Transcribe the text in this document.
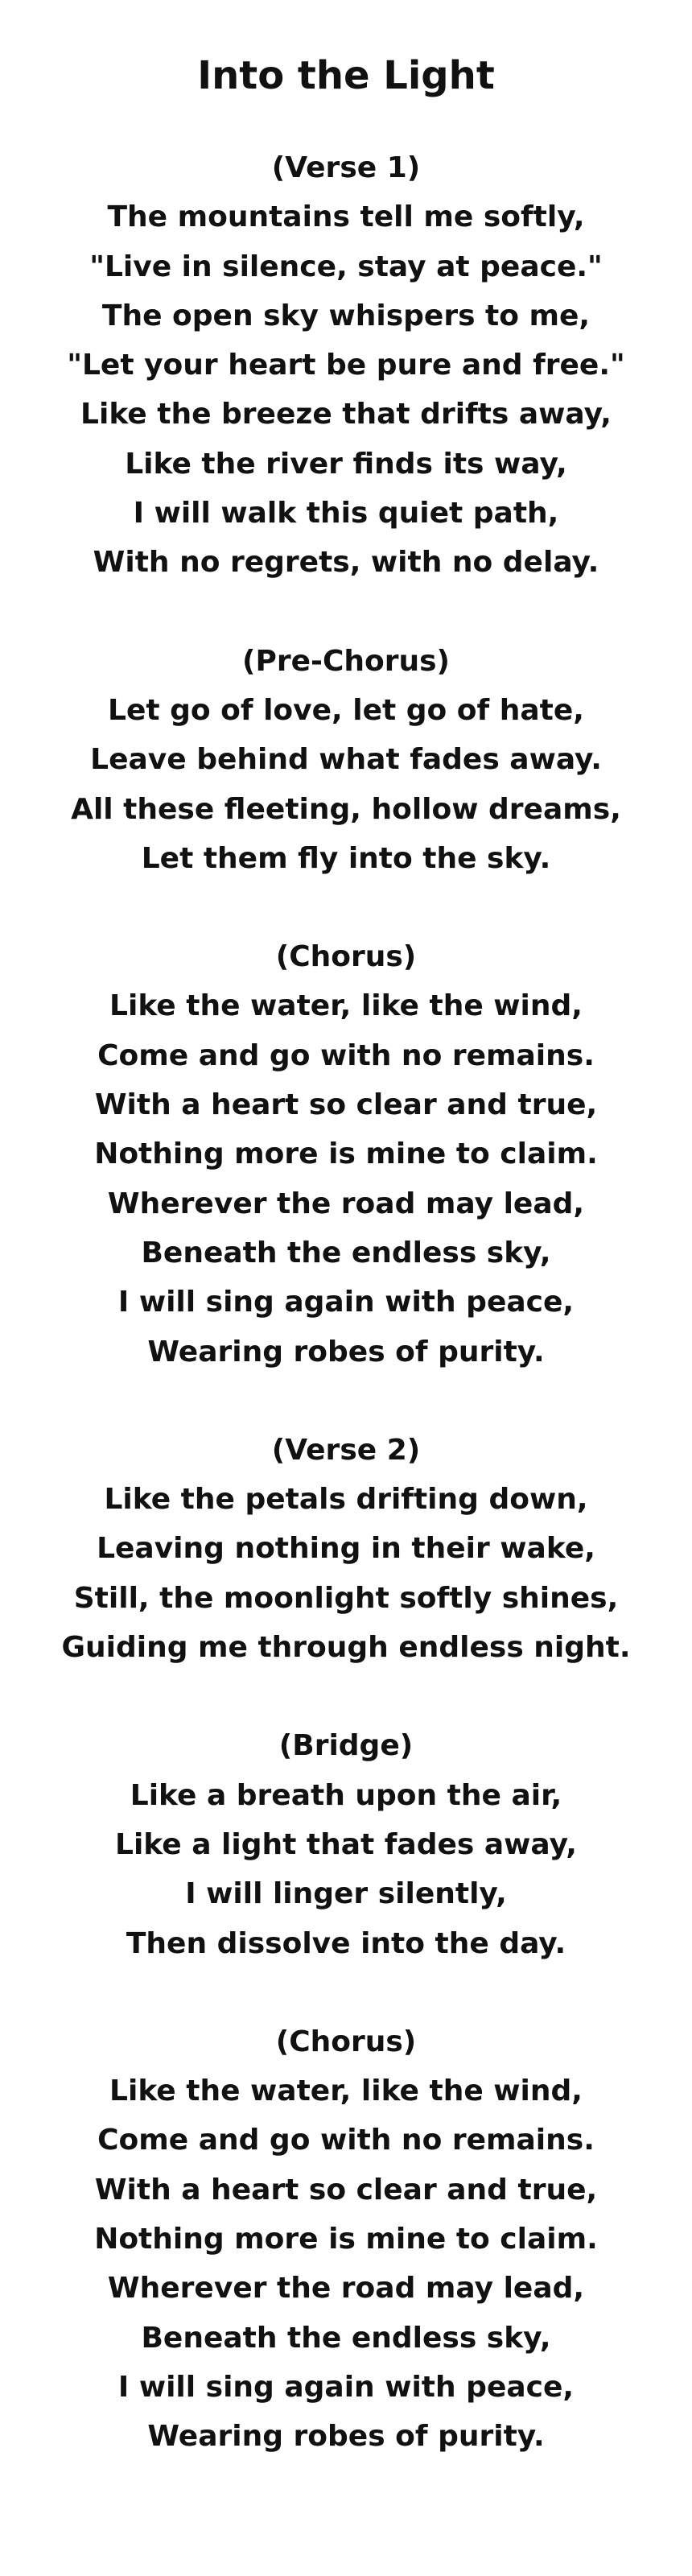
Into the Light

(Verse 1)

The mountains tell me softly,

"Live in silence, stay at peace."

The open sky whispers to me,

"Let your heart be pure and free."

Like the breeze that drifts away,

Like the river finds its way,

I will walk this quiet path,

With no regrets, with no delay.

(Pre-Chorus)

Let go of love, let go of hate,

Leave behind what fades away.

All these fleeting, hollow dreams,

Let them fly into the sky.

(Chorus)

Like the water, like the wind,

Come and go with no remains.

With a heart so clear and true,

Nothing more is mine to claim.

Wherever the road may lead,

Beneath the endless sky,

I will sing again with peace,

Wearing robes of purity.

(Verse 2)

Like the petals drifting down,

Leaving nothing in their wake,

Still, the moonlight softly shines,

Guiding me through endless night.

(Bridge)

Like a breath upon the air,

Like a light that fades away,

I will linger silently,

Then dissolve into the day.

(Chorus)

Like the water, like the wind,

Come and go with no remains.

With a heart so clear and true,

Nothing more is mine to claim.

Wherever the road may lead,

Beneath the endless sky,

I will sing again with peace,

Wearing robes of purity.
